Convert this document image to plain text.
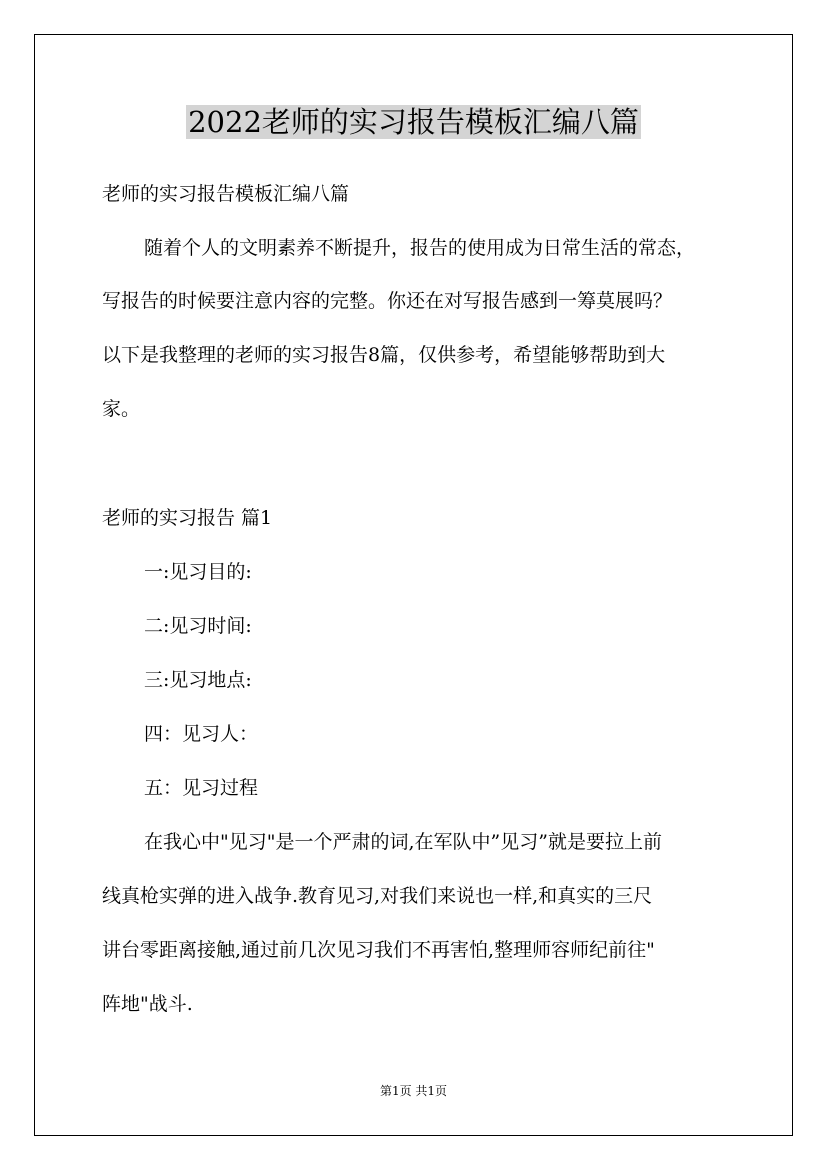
2022老师的实习报告模板汇编八篇
老师的实习报告模板汇编八篇
随着个人的文明素养不断提升，报告的使用成为日常生活的常态，
写报告的时候要注意内容的完整。你还在对写报告感到一筹莫展吗？
以下是我整理的老师的实习报告8篇，仅供参考，希望能够帮助到大
家。
老师的实习报告 篇1
一:见习目的:
二:见习时间:
三:见习地点:
四：见习人：
五：见习过程
在我心中"见习"是一个严肃的词,在军队中”见习”就是要拉上前
线真枪实弹的进入战争.教育见习,对我们来说也一样,和真实的三尺
讲台零距离接触,通过前几次见习我们不再害怕,整理师容师纪前往"
阵地"战斗.
第1页 共1页
